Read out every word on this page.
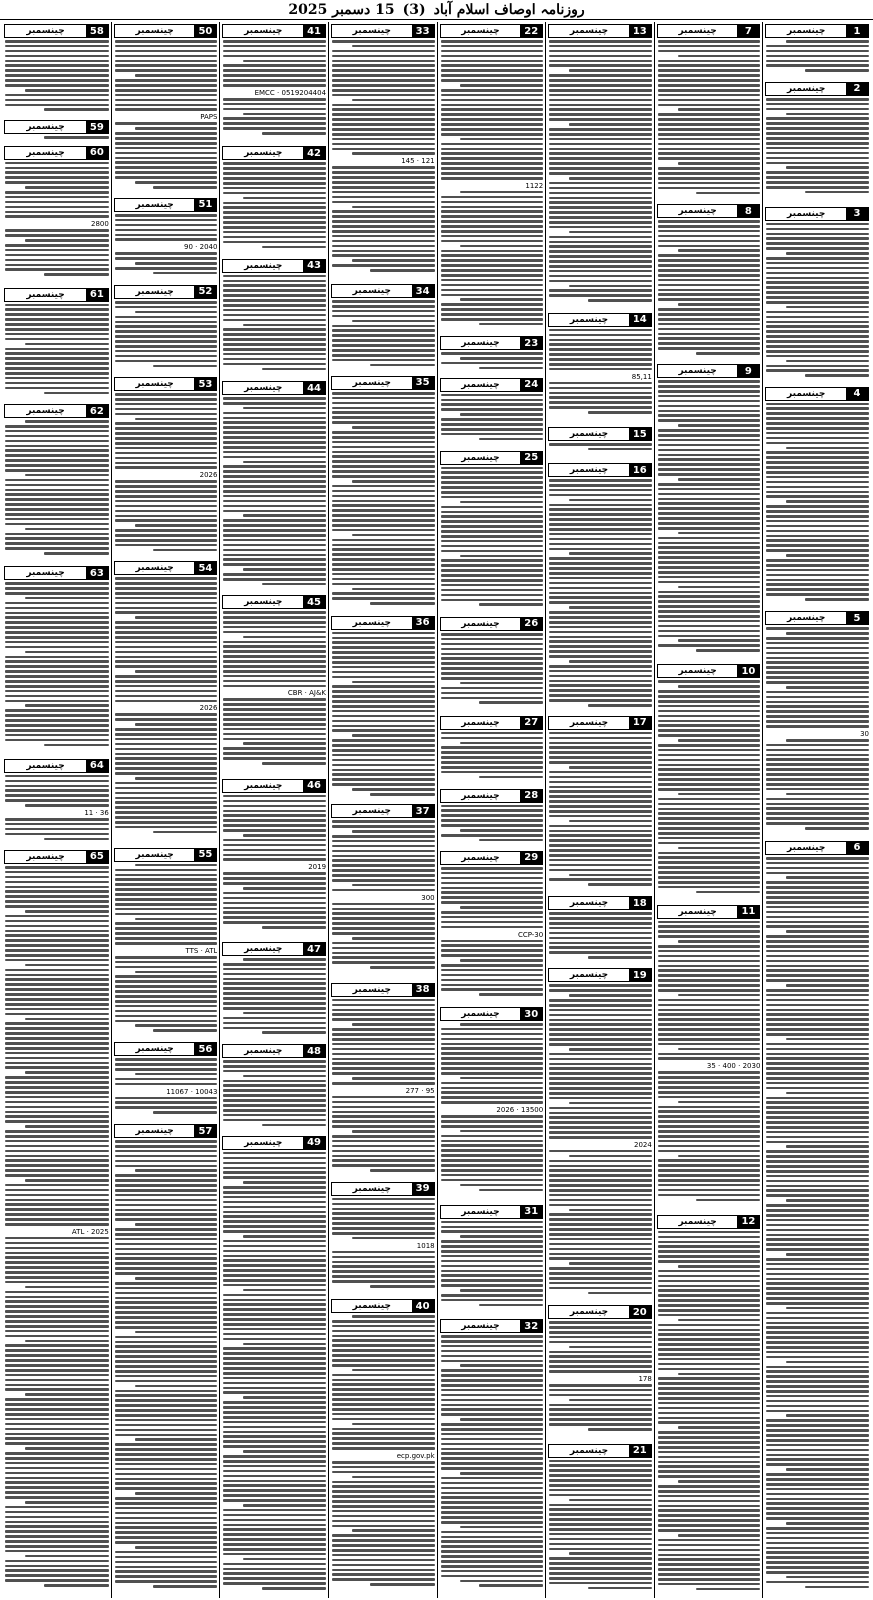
روزنامہ اوصاف اسلام آباد
(3)
15 دسمبر 2025
1
چینسمبر
2
چینسمبر
3
چینسمبر
4
چینسمبر
5
چینسمبر
30
6
چینسمبر
7
چینسمبر
8
چینسمبر
9
چینسمبر
10
چینسمبر
11
چینسمبر
2030 · 400 · 35
12
چینسمبر
13
چینسمبر
14
چینسمبر
85,11
15
چینسمبر
16
چینسمبر
17
چینسمبر
18
چینسمبر
19
چینسمبر
2024
20
چینسمبر
178
21
چینسمبر
22
چینسمبر
1122
23
چینسمبر
24
چینسمبر
25
چینسمبر
26
چینسمبر
27
چینسمبر
28
چینسمبر
29
چینسمبر
CCP-30
30
چینسمبر
13500 · 2026
31
چینسمبر
32
چینسمبر
33
چینسمبر
121 · 145
34
چینسمبر
35
چینسمبر
36
چینسمبر
37
چینسمبر
300
38
چینسمبر
95 · 277
39
چینسمبر
1018
40
چینسمبر
ecp.gov.pk
41
چینسمبر
EMCC · 0519204404
42
چینسمبر
43
چینسمبر
44
چینسمبر
45
چینسمبر
CBR · AJ&K
46
چینسمبر
2019
47
چینسمبر
48
چینسمبر
49
چینسمبر
50
چینسمبر
PAPS
51
چینسمبر
2040 · 90
52
چینسمبر
53
چینسمبر
2026
54
چینسمبر
2026
55
چینسمبر
TTS · ATL
56
چینسمبر
10043 · 11067
57
چینسمبر
58
چینسمبر
59
چینسمبر
60
چینسمبر
2800
61
چینسمبر
62
چینسمبر
63
چینسمبر
64
چینسمبر
36 · 11
65
چینسمبر
ATL · 2025
